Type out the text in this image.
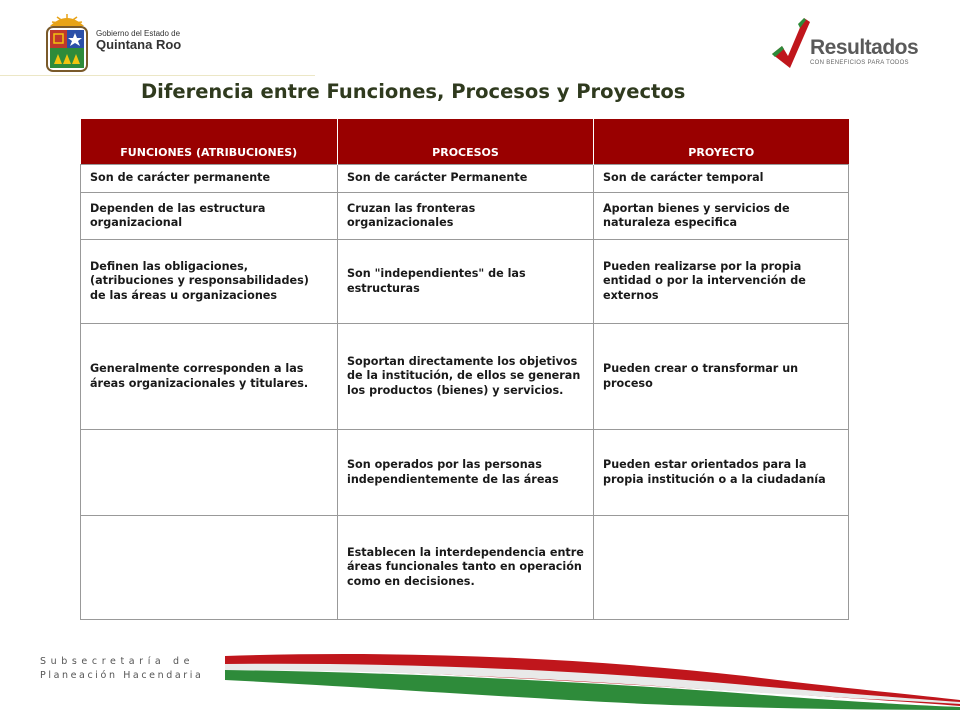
Gobierno del Estado de
Quintana Roo	Resultados
CON BENEFICIOS PARA TODOS
Diferencia entre Funciones, Procesos y Proyectos
FUNCIONES (ATRIBUCIONES)	PROCESOS	PROYECTO
Son de carácter permanente	Son de carácter Permanente	Son de carácter temporal
Dependen de las estructura organizacional	Cruzan las fronteras organizacionales	Aportan bienes y servicios de naturaleza especifica
Definen las obligaciones, (atribuciones y responsabilidades) de las áreas u organizaciones	Son "independientes" de las estructuras	Pueden realizarse por la propia entidad o por la intervención de externos
Generalmente corresponden a las áreas organizacionales y titulares.	Soportan directamente los objetivos de la institución, de ellos se generan los productos (bienes) y servicios.	Pueden crear o transformar un proceso
	Son operados por las personas independientemente de las áreas	Pueden estar orientados para la propia institución o a la ciudadanía
	Establecen la interdependencia entre áreas funcionales tanto en operación como en decisiones.	
Subsecretaría de
Planeación Hacendaria
